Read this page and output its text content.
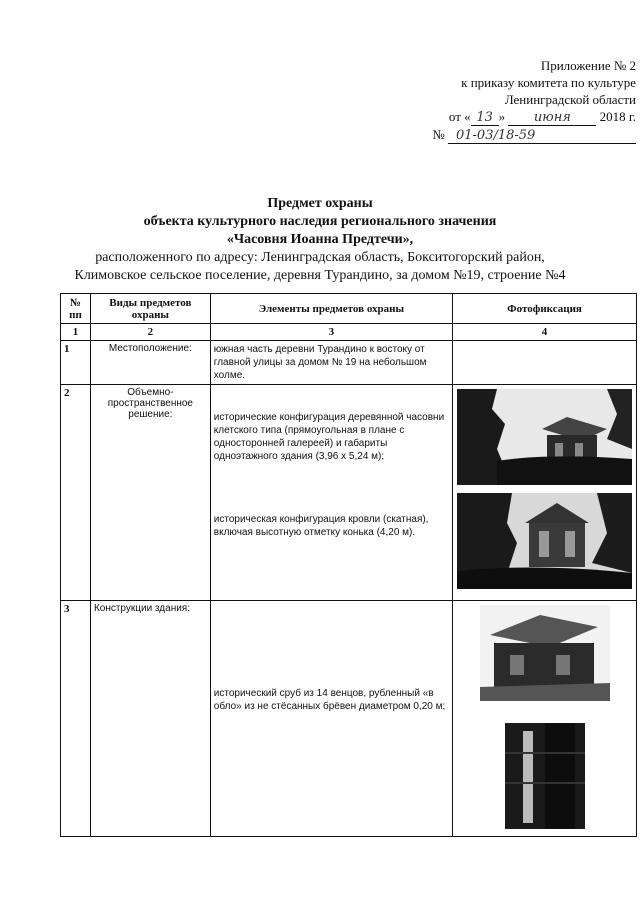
Приложение № 2
к приказу комитета по культуре
Ленинградской области
от « 13 » июня 2018 г.
№ 01-03/18-59
Предмет охраны
объекта культурного наследия регионального значения
«Часовня Иоанна Предтечи»,
расположенного по адресу: Ленинградская область, Бокситогорский район,
Климовское сельское поселение, деревня Турандино, за домом №19, строение №4
№ пп	Виды предметов охраны	Элементы предметов охраны	Фотофиксация
1	2	3	4
1	Местоположение:	южная часть деревни Турандино к востоку от главной улицы за домом № 19 на небольшом холме.	
2	Объемно-пространственное решение:	исторические конфигурация деревянной часовни клетского типа (прямоугольная в плане с односторонней галереей) и габариты одноэтажного здания (3,96 х 5,24 м);
историческая конфигурация кровли (скатная), включая высотную отметку конька (4,20 м).

3	Конструкции здания:	исторический сруб из 14 венцов, рубленный «в обло» из не стёсанных брёвен диаметром 0,20 м;
